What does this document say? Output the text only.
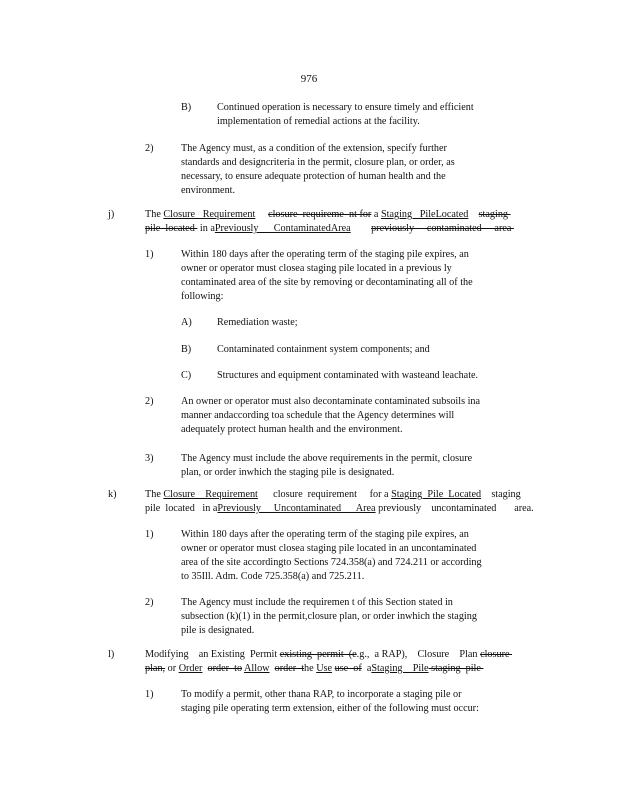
976
B)	Continued operation is necessary to ensure timely and efficient
implementation of remedial actions at the facility.
2)	The Agency must, as a condition of the extension, specify further
standards and designcriteria in the permit, closure plan, or order, as
necessary, to ensure adequate protection of human health and the
environment.
3)	The Agency must include the above requirements in the permit, closure
plan, or order inwhich the staging pile is designated.
1)	Within 180 days after the operating term of the staging pile expires, an
owner or operator must closea staging pile located in a previous ly
contaminated area of the site by removing or decontaminating all of the
following:
A) Remediation waste;
B)	Contaminated containment system components; and
C)	Structures and equipment contaminated with wasteand leachate.
2)	An owner or operator must also decontaminate contaminated subsoils ina
manner andaccording toa schedule that the Agency determines will
adequately protect human health and the environment.
1)	Within 180 days after the operating term of the staging pile expires, an
owner or operator must closea staging pile located in an uncontaminated
area of the site accordingto Sections 724.358(a) and 724.211 or according
to 35Ill. Adm. Code 725.358(a) and 725.211.
2)	The Agency must include the requiremen t of this Section stated in
subsection (k)(1) in the permit,closure plan, or order inwhich the staging
pile is designated.
1)	To modify a permit, other thana RAP, to incorporate a staging pile or
staging pile operating term extension, either of the following must occur:
j)	The Closure   Requirement closure  requireme  nt for a Staging   PileLocated staging
pile  located  in aPreviously      ContaminatedArea previously     contaminated     area
k)	The Closure    Requirement      closure  requirement     for a Staging  Pile  Located    staging
pile  located   in aPreviously     Uncontaminated      Area previously    uncontaminated       area.
l)	Modifying    an Existing  Permit existing  permit  (e.g.,  a RAP),    Closure    Plan closure
plan, or Order order  to Allow order  the Use use  of  aStaging    Pile staging  pile
